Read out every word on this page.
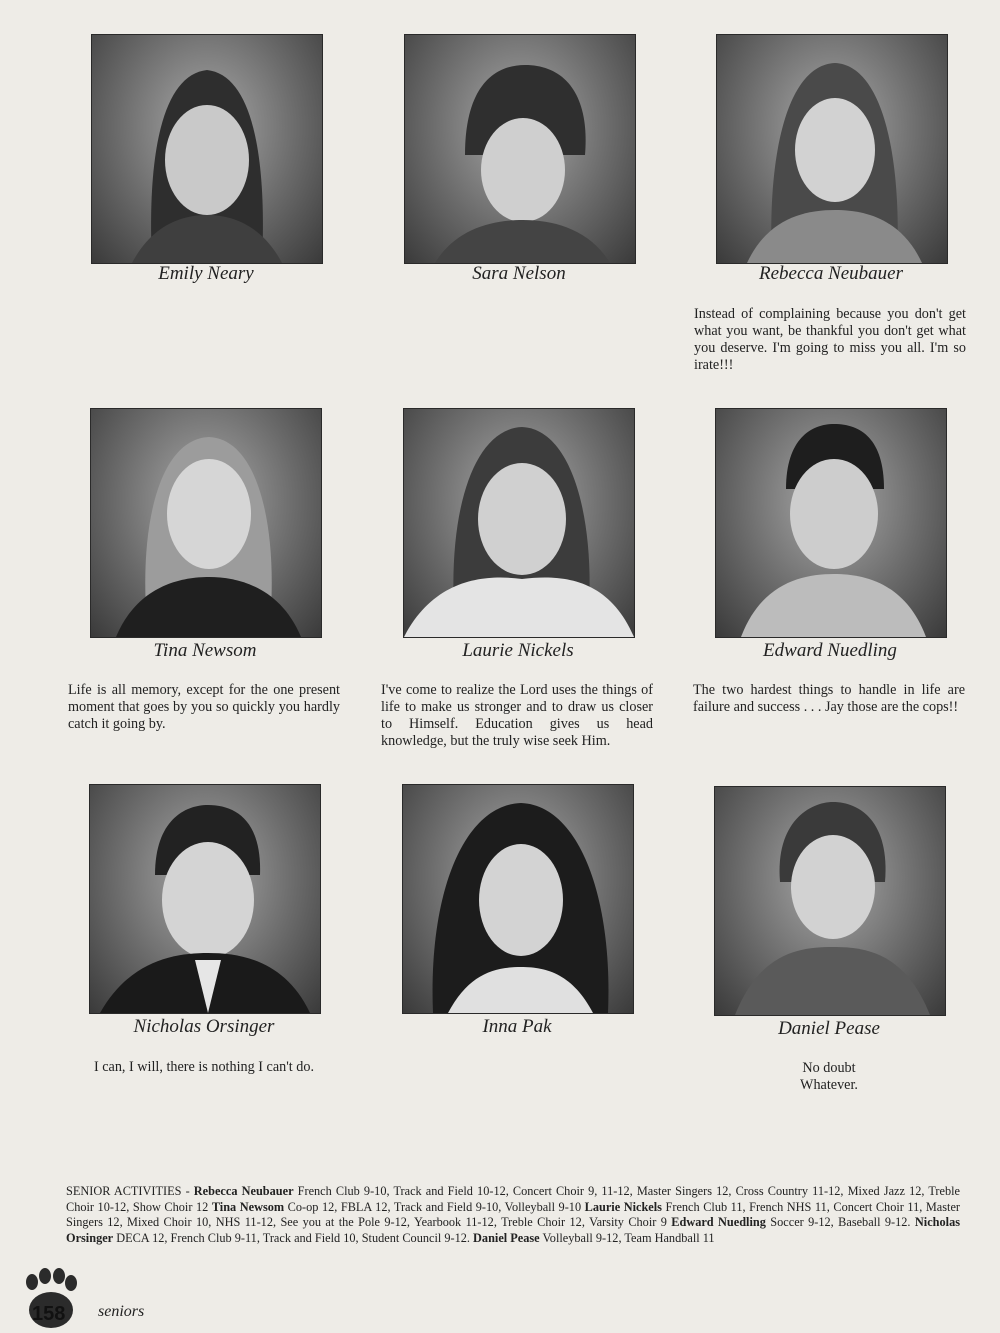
Emily Neary	Sara Nelson	Rebecca Neubauer
Instead of complaining because you don't get what you want, be thankful you don't get what you deserve. I'm going to miss you all. I'm so irate!!!
Tina Newsom
Life is all memory, except for the one present moment that goes by you so quickly you hardly catch it going by.
Laurie Nickels
I've come to realize the Lord uses the things of life to make us stronger and to draw us closer to Himself. Education gives us head knowledge, but the truly wise seek Him.
Edward Nuedling
The two hardest things to handle in life are failure and success . . . Jay those are the cops!!
Nicholas Orsinger
I can, I will, there is nothing I can't do.
Inna Pak	Daniel Pease
No doubt
Whatever.
SENIOR ACTIVITIES - Rebecca Neubauer French Club 9-10, Track and Field 10-12, Concert Choir 9, 11-12, Master Singers 12, Cross Country 11-12, Mixed Jazz 12, Treble Choir 10-12, Show Choir 12 Tina Newsom Co-op 12, FBLA 12, Track and Field 9-10, Volleyball 9-10 Laurie Nickels French Club 11, French NHS 11, Concert Choir 11, Master Singers 12, Mixed Choir 10, NHS 11-12, See you at the Pole 9-12, Yearbook 11-12, Treble Choir 12, Varsity Choir 9 Edward Nuedling Soccer 9-12, Baseball 9-12. Nicholas Orsinger DECA 12, French Club 9-11, Track and Field 10, Student Council 9-12. Daniel Pease Volleyball 9-12, Team Handball 11
158 seniors
